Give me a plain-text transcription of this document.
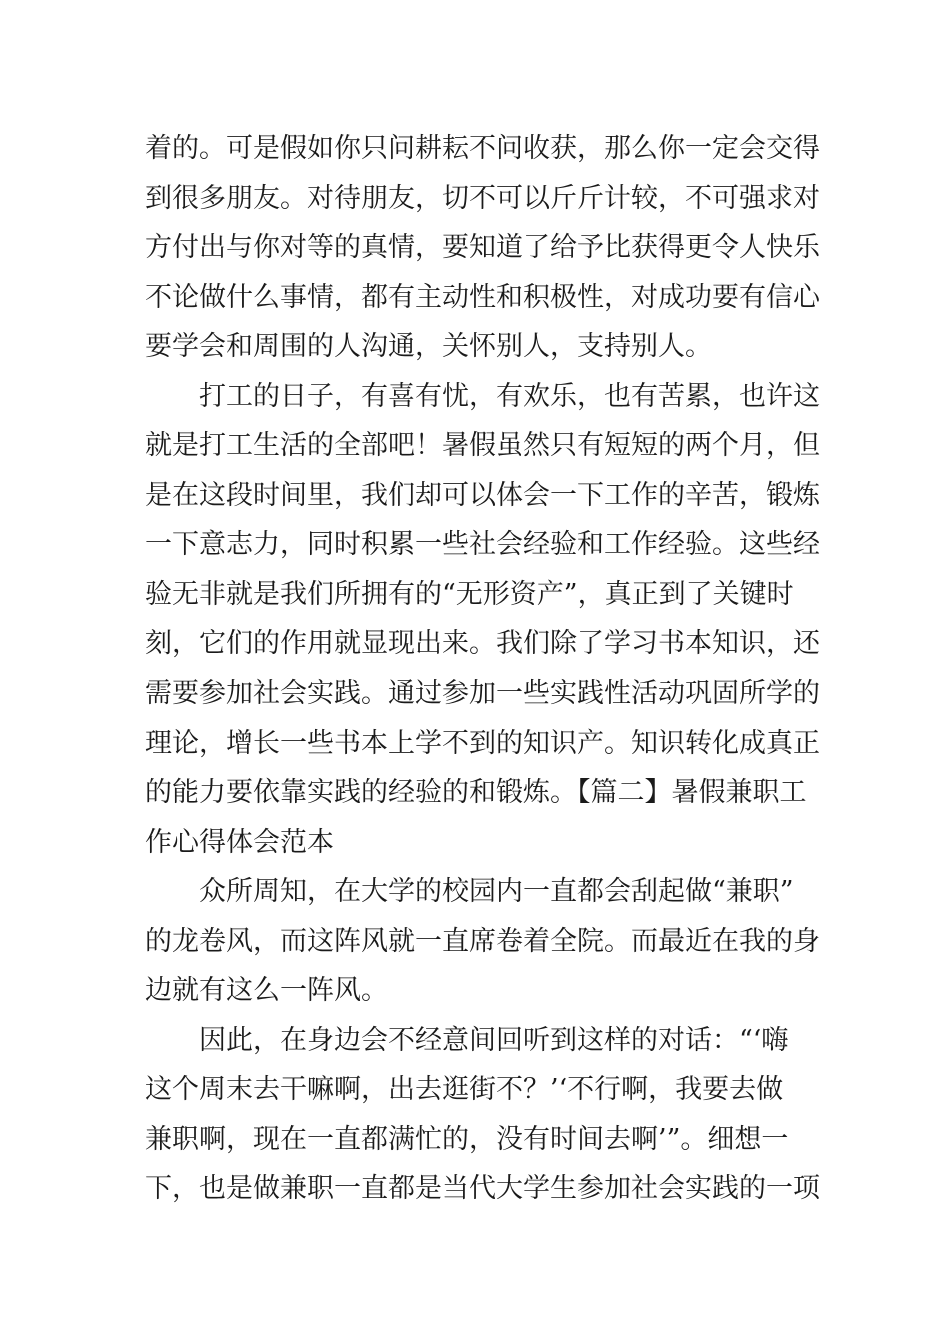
着的。可是假如你只问耕耘不问收获，那么你一定会交得
到很多朋友。对待朋友，切不可以斤斤计较，不可强求对
方付出与你对等的真情，要知道了给予比获得更令人快乐
不论做什么事情，都有主动性和积极性，对成功要有信心
要学会和周围的人沟通，关怀别人，支持别人。
打工的日子，有喜有忧，有欢乐，也有苦累，也许这
就是打工生活的全部吧！暑假虽然只有短短的两个月，但
是在这段时间里，我们却可以体会一下工作的辛苦，锻炼
一下意志力，同时积累一些社会经验和工作经验。这些经
验无非就是我们所拥有的“无形资产”，真正到了关键时
刻，它们的作用就显现出来。我们除了学习书本知识，还
需要参加社会实践。通过参加一些实践性活动巩固所学的
理论，增长一些书本上学不到的知识产。知识转化成真正
的能力要依靠实践的经验的和锻炼。【篇二】暑假兼职工
作心得体会范本
众所周知，在大学的校园内一直都会刮起做“兼职”
的龙卷风，而这阵风就一直席卷着全院。而最近在我的身
边就有这么一阵风。
因此，在身边会不经意间回听到这样的对话：“‘嗨
这个周末去干嘛啊，出去逛街不？’‘不行啊，我要去做
兼职啊，现在一直都满忙的，没有时间去啊’”。细想一
下，也是做兼职一直都是当代大学生参加社会实践的一项
